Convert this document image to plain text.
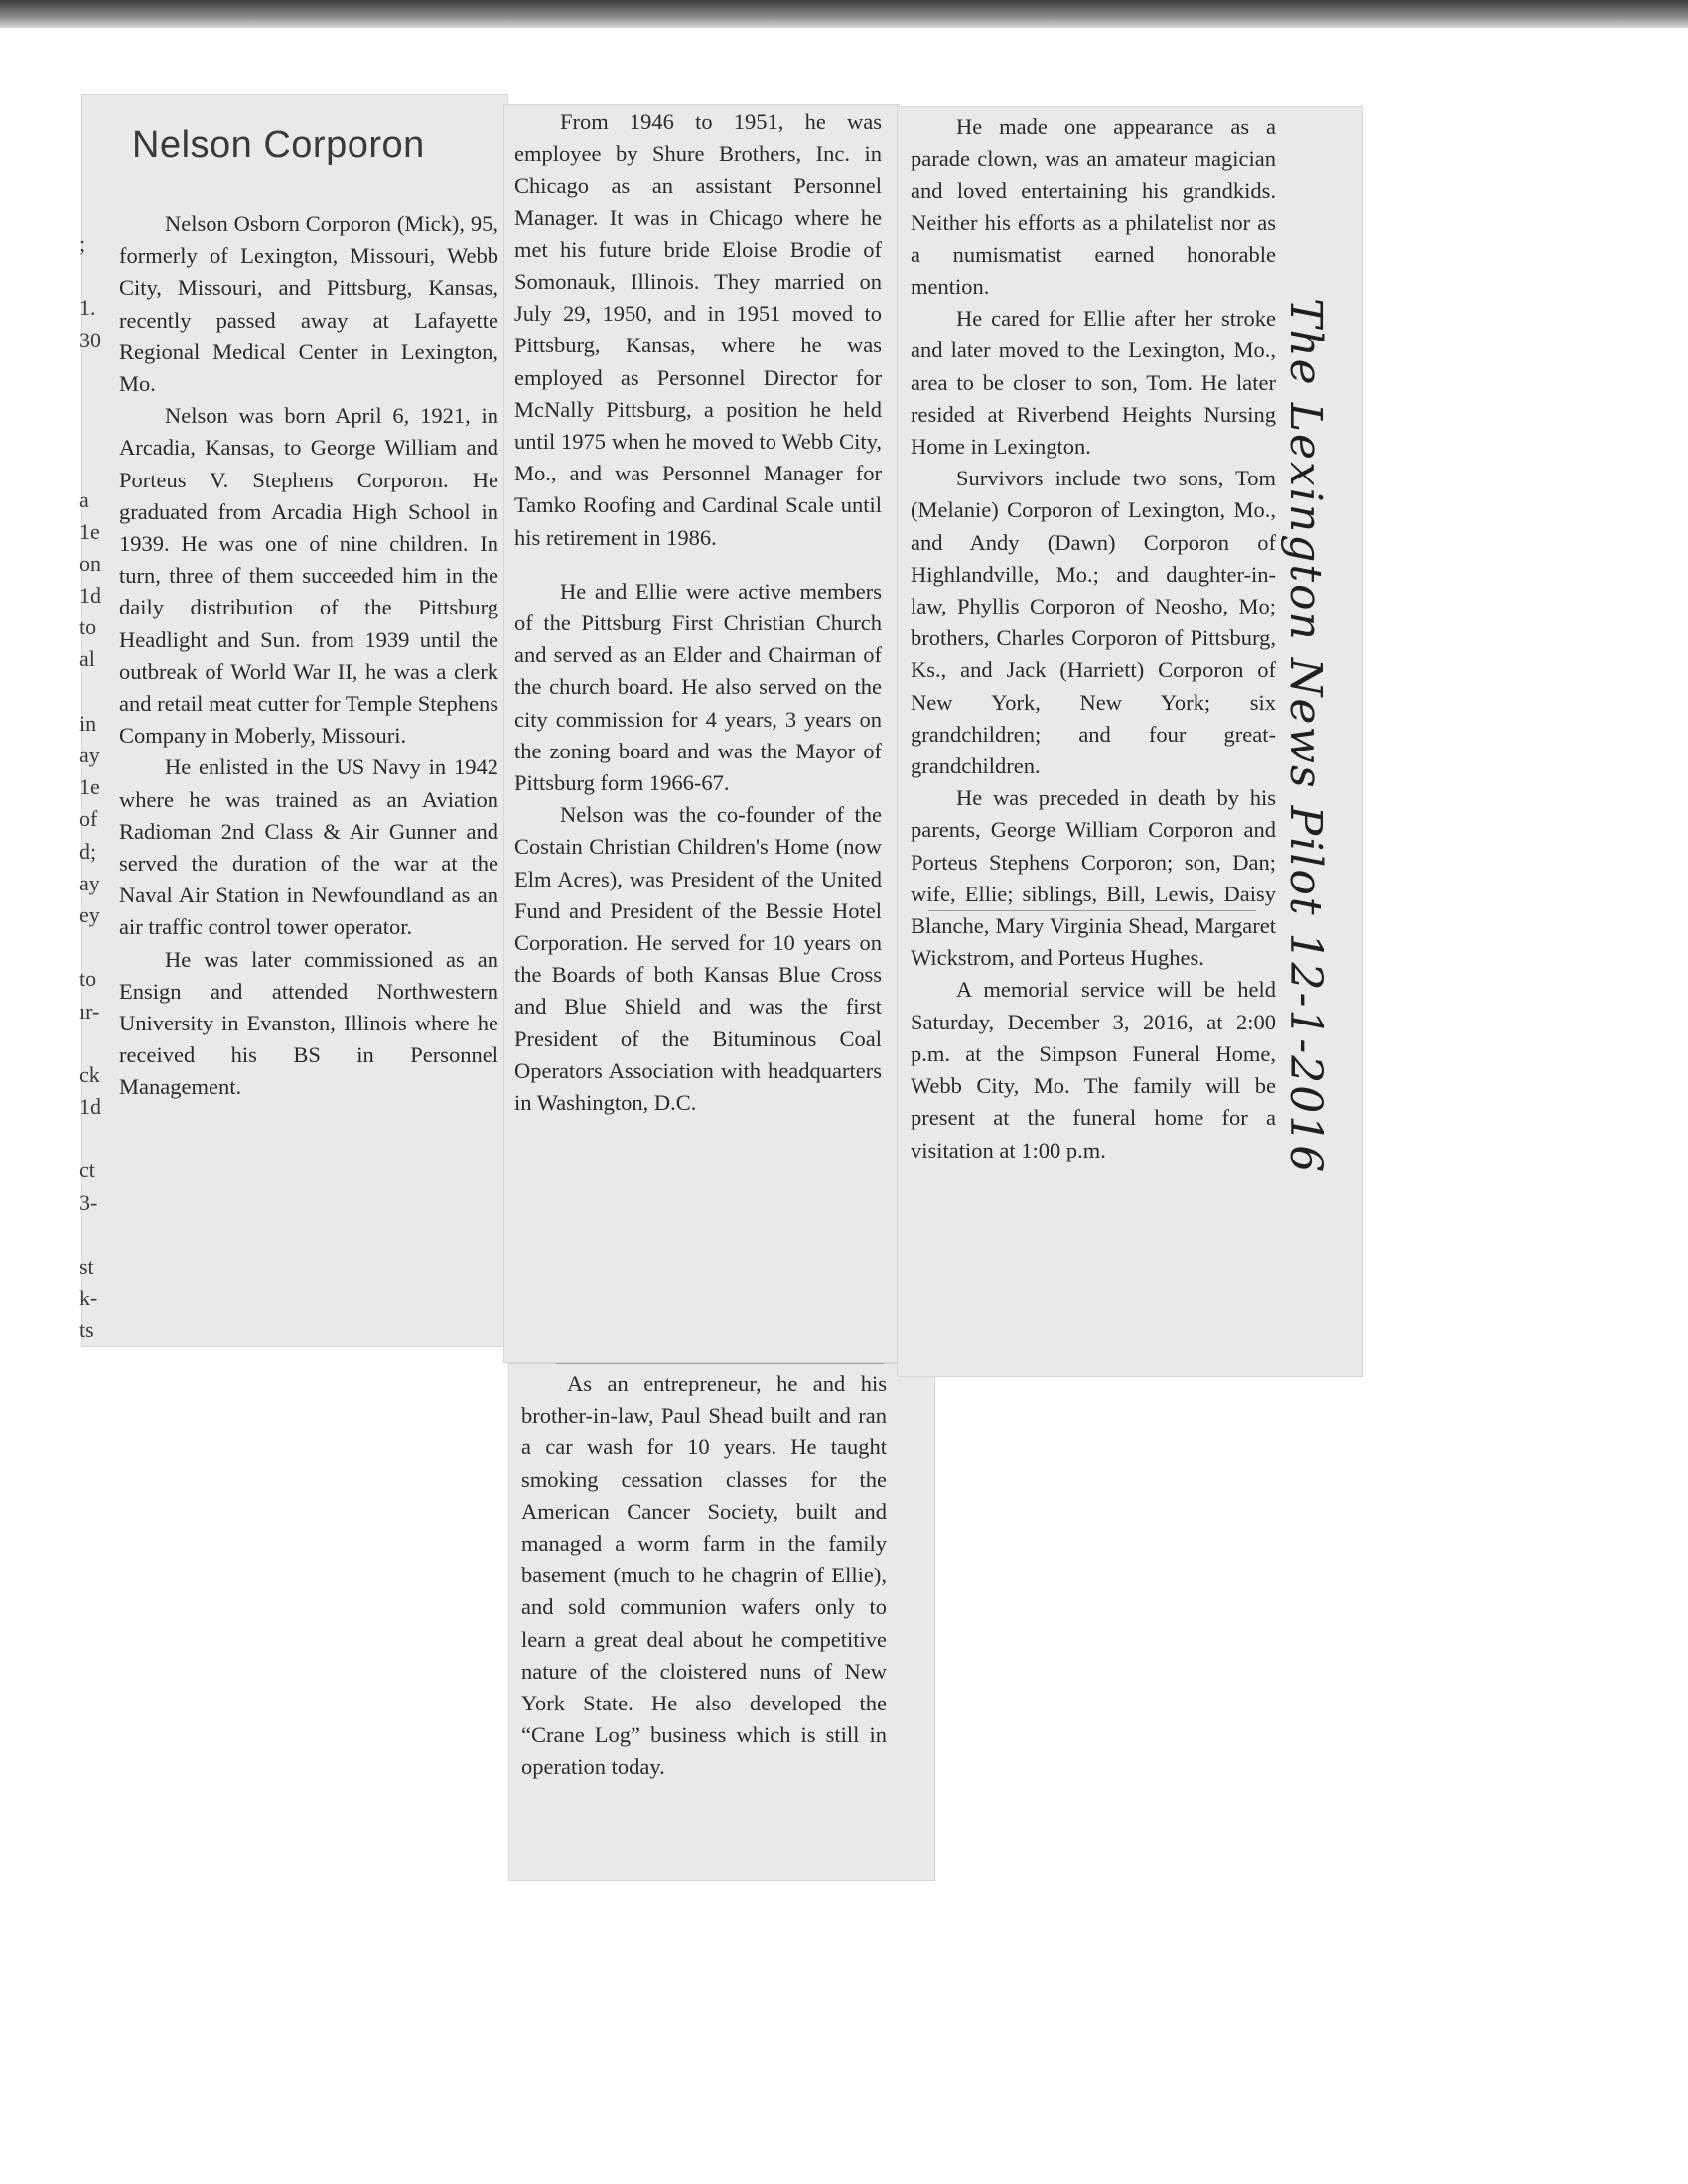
;
1.
30
a
1e
on
1d
to
al
in
ay
1e
of
d;
ay
ey
to
ır-
ck
1d
ct
3-
st
k-
ts
Nelson Corporon

Nelson Osborn Corporon (Mick), 95, formerly of Lexington, Missouri, Webb City, Missouri, and Pittsburg, Kansas, recently passed away at Lafayette Regional Medical Center in Lexington, Mo.

Nelson was born April 6, 1921, in Arcadia, Kansas, to George William and Porteus V. Stephens Corporon. He graduated from Arcadia High School in 1939. He was one of nine children. In turn, three of them succeeded him in the daily distribution of the Pittsburg Headlight and Sun. from 1939 until the outbreak of World War II, he was a clerk and retail meat cutter for Temple Stephens Company in Moberly, Missouri.

He enlisted in the US Navy in 1942 where he was trained as an Aviation Radioman 2nd Class & Air Gunner and served the duration of the war at the Naval Air Station in Newfoundland as an air traffic control tower operator.

He was later commissioned as an Ensign and attended Northwestern University in Evanston, Illinois where he received his BS in Personnel Management.

From 1946 to 1951, he was employee by Shure Brothers, Inc. in Chicago as an assistant Personnel Manager. It was in Chicago where he met his future bride Eloise Brodie of Somonauk, Illinois. They married on July 29, 1950, and in 1951 moved to Pittsburg, Kansas, where he was employed as Personnel Director for McNally Pittsburg, a position he held until 1975 when he moved to Webb City, Mo., and was Personnel Manager for Tamko Roofing and Cardinal Scale until his retirement in 1986.

He and Ellie were active members of the Pittsburg First Christian Church and served as an Elder and Chairman of the church board. He also served on the city commission for 4 years, 3 years on the zoning board and was the Mayor of Pittsburg form 1966-67.

Nelson was the co-founder of the Costain Christian Children's Home (now Elm Acres), was President of the United Fund and President of the Bessie Hotel Corporation. He served for 10 years on the Boards of both Kansas Blue Cross and Blue Shield and was the first President of the Bituminous Coal Operators Association with headquarters in Washington, D.C.

As an entrepreneur, he and his brother-in-law, Paul Shead built and ran a car wash for 10 years. He taught smoking cessation classes for the American Cancer Society, built and managed a worm farm in the family basement (much to he chagrin of Ellie), and sold communion wafers only to learn a great deal about he competitive nature of the cloistered nuns of New York State. He also developed the “Crane Log” business which is still in operation today.

He made one appearance as a parade clown, was an amateur magician and loved entertaining his grandkids. Neither his efforts as a philatelist nor as a numismatist earned honorable mention.

He cared for Ellie after her stroke and later moved to the Lexington, Mo., area to be closer to son, Tom. He later resided at Riverbend Heights Nursing Home in Lexington.

Survivors include two sons, Tom (Melanie) Corporon of Lexington, Mo., and Andy (Dawn) Corporon of Highlandville, Mo.; and daughter-in-law, Phyllis Corporon of Neosho, Mo; brothers, Charles Corporon of Pittsburg, Ks., and Jack (Harriett) Corporon of New York, New York; six grandchildren; and four great-grandchildren.

He was preceded in death by his parents, George William Corporon and Porteus Stephens Corporon; son, Dan; wife, Ellie; siblings, Bill, Lewis, Daisy Blanche, Mary Virginia Shead, Margaret Wickstrom, and Porteus Hughes.

A memorial service will be held Saturday, December 3, 2016, at 2:00 p.m. at the Simpson Funeral Home, Webb City, Mo. The family will be present at the funeral home for a visitation at 1:00 p.m.	The Lexington News Pilot 12-1-2016
